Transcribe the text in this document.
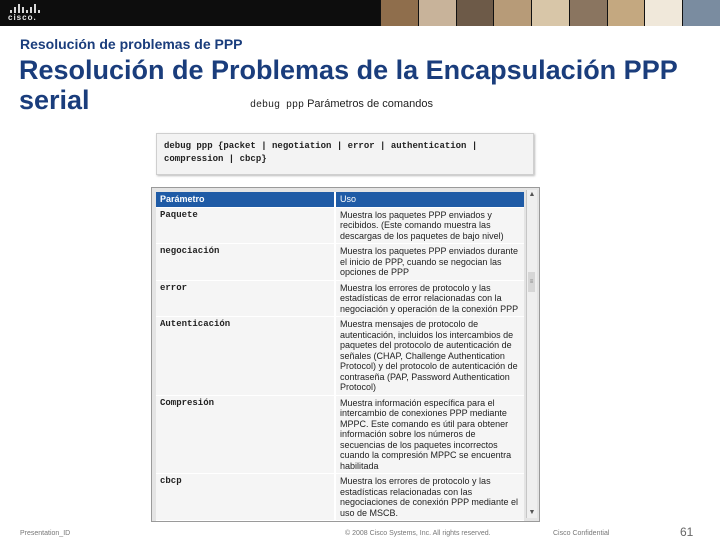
cisco.
Resolución de problemas de PPP
Resolución de Problemas de la Encapsulación PPP serial	debug ppp Parámetros de comandos
debug ppp {packet | negotiation | error | authentication |
compression | cbcp}
Parámetro	Uso
Paquete	Muestra los paquetes PPP enviados y recibidos. (Este comando muestra las descargas de los paquetes de bajo nivel)
negociación	Muestra los paquetes PPP enviados durante el inicio de PPP, cuando se negocian las opciones de PPP
error	Muestra los errores de protocolo y las estadísticas de error relacionadas con la negociación y operación de la conexión PPP
Autenticación	Muestra mensajes de protocolo de autenticación, incluidos los intercambios de paquetes del protocolo de autenticación de señales (CHAP, Challenge Authentication Protocol) y del protocolo de autenticación de contraseña (PAP, Password Authentication Protocol)
Compresión	Muestra información específica para el intercambio de conexiones PPP mediante MPPC. Este comando es útil para obtener información sobre los números de secuencias de los paquetes incorrectos cuando la compresión MPPC se encuentra habilitada
cbcp	Muestra los errores de protocolo y las estadísticas relacionadas con las negociaciones de conexión PPP mediante el uso de MSCB.
▲
≡
▼
Presentation_ID	© 2008 Cisco Systems, Inc. All rights reserved.	Cisco Confidential	61
